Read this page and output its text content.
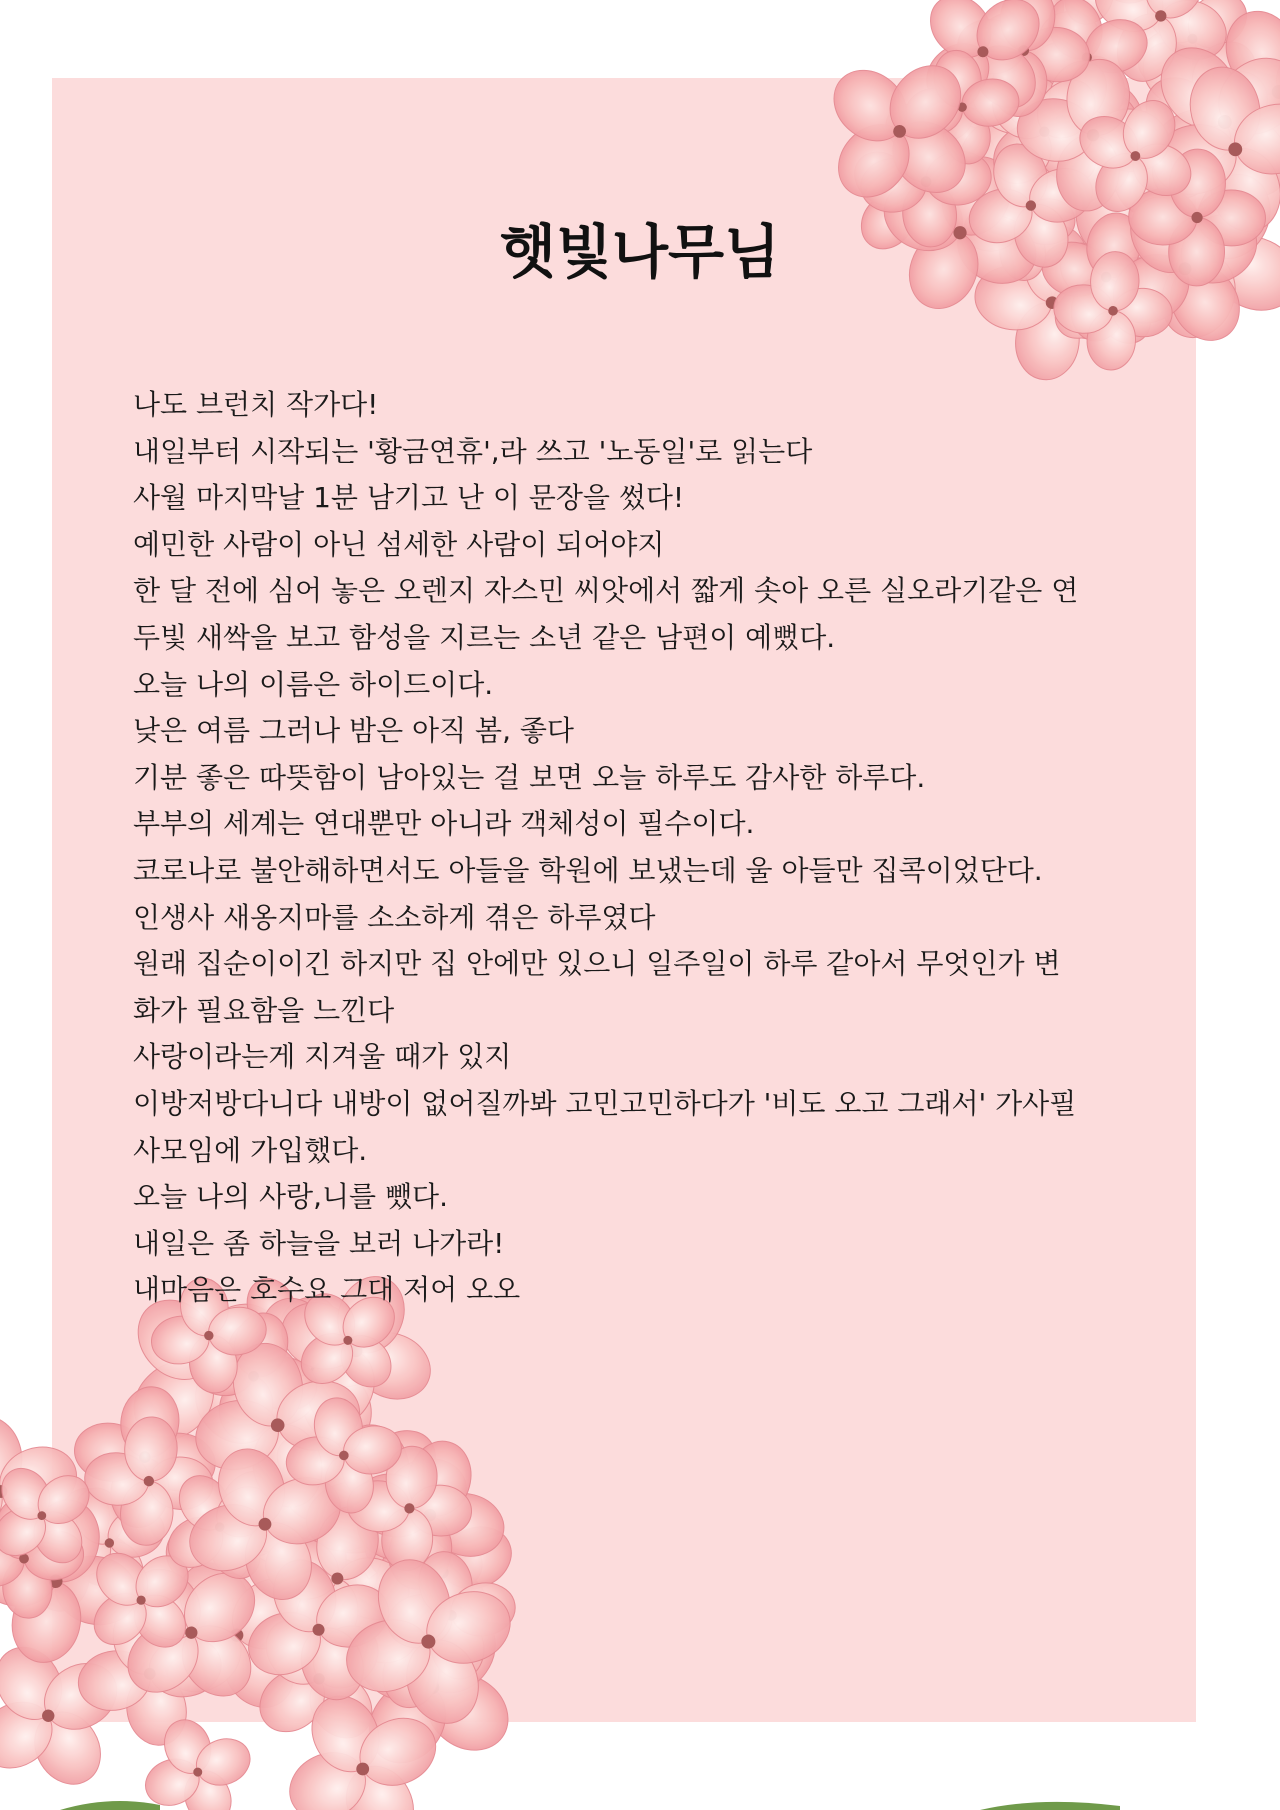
햇빛나무님
나도 브런치 작가다!
내일부터 시작되는 '황금연휴',라 쓰고 '노동일'로 읽는다
사월 마지막날 1분 남기고 난 이 문장을 썼다!
예민한 사람이 아닌 섬세한 사람이 되어야지
한 달 전에 심어 놓은 오렌지 자스민 씨앗에서 짧게 솟아 오른 실오라기같은 연
두빛 새싹을 보고 함성을 지르는 소년 같은 남편이 예뻤다.
오늘 나의 이름은 하이드이다.
낮은 여름 그러나 밤은 아직 봄, 좋다
기분 좋은 따뜻함이 남아있는 걸 보면 오늘 하루도 감사한 하루다.
부부의 세계는 연대뿐만 아니라 객체성이 필수이다.
코로나로 불안해하면서도 아들을 학원에 보냈는데 울 아들만 집콕이었단다.
인생사 새옹지마를 소소하게 겪은 하루였다
원래 집순이이긴 하지만 집 안에만 있으니 일주일이 하루 같아서 무엇인가 변
화가 필요함을 느낀다
사랑이라는게 지겨울 때가 있지
이방저방다니다 내방이 없어질까봐 고민고민하다가 '비도 오고 그래서' 가사필
사모임에 가입했다.
오늘 나의 사랑,니를 뺐다.
내일은 좀 하늘을 보러 나가라!
내마음은 호수요 그대 저어 오오
